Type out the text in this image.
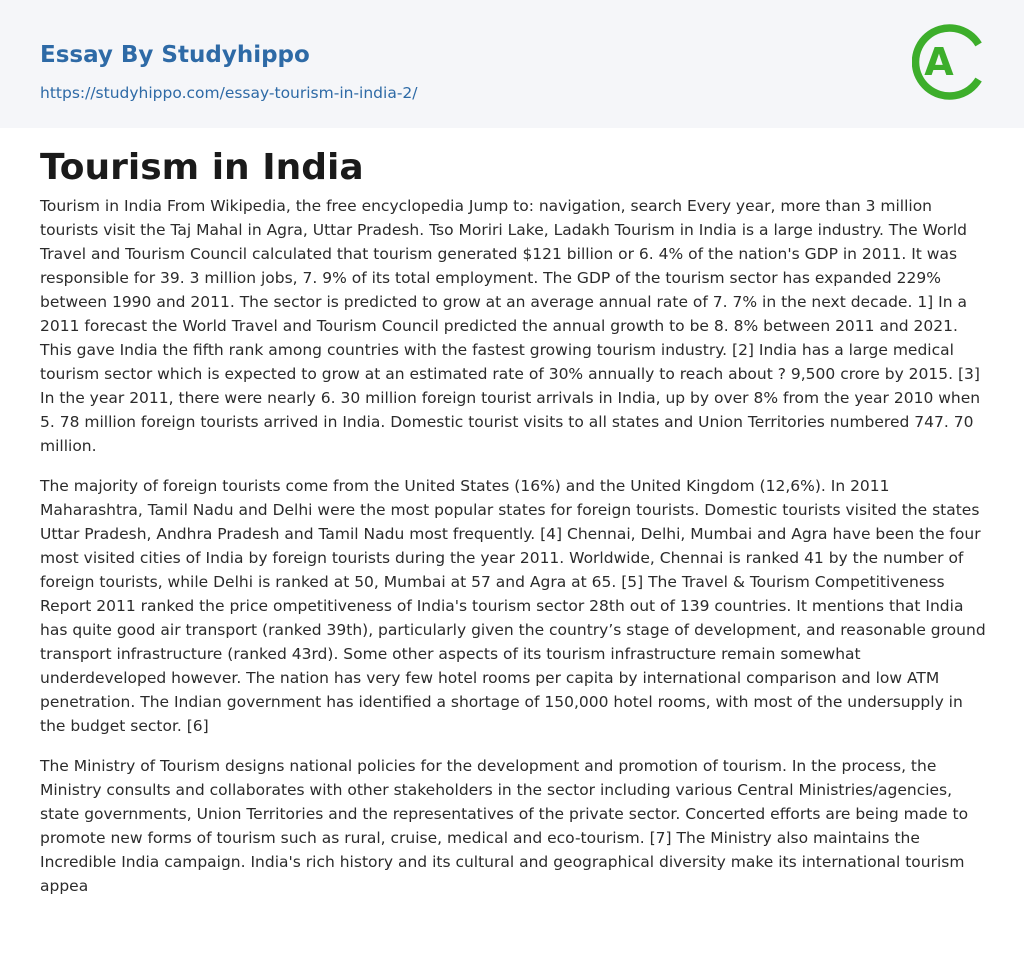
Essay By Studyhippo
https://studyhippo.com/essay-tourism-in-india-2/
A
Tourism in India

Tourism in India From Wikipedia, the free encyclopedia Jump to: navigation, search Every year, more than 3 million tourists visit the Taj Mahal in Agra, Uttar Pradesh. Tso Moriri Lake, Ladakh Tourism in India is a large industry. The World Travel and Tourism Council calculated that tourism generated $121 billion or 6. 4% of the nation's GDP in 2011. It was responsible for 39. 3 million jobs, 7. 9% of its total employment. The GDP of the tourism sector has expanded 229% between 1990 and 2011. The sector is predicted to grow at an average annual rate of 7. 7% in the next decade. 1] In a 2011 forecast the World Travel and Tourism Council predicted the annual growth to be 8. 8% between 2011 and 2021. This gave India the fifth rank among countries with the fastest growing tourism industry. [2] India has a large medical tourism sector which is expected to grow at an estimated rate of 30% annually to reach about ? 9,500 crore by 2015. [3] In the year 2011, there were nearly 6. 30 million foreign tourist arrivals in India, up by over 8% from the year 2010 when 5. 78 million foreign tourists arrived in India. Domestic tourist visits to all states and Union Territories numbered 747. 70 million.

The majority of foreign tourists come from the United States (16%) and the United Kingdom (12,6%). In 2011 Maharashtra, Tamil Nadu and Delhi were the most popular states for foreign tourists. Domestic tourists visited the states Uttar Pradesh, Andhra Pradesh and Tamil Nadu most frequently. [4] Chennai, Delhi, Mumbai and Agra have been the four most visited cities of India by foreign tourists during the year 2011. Worldwide, Chennai is ranked 41 by the number of foreign tourists, while Delhi is ranked at 50, Mumbai at 57 and Agra at 65. [5] The Travel & Tourism Competitiveness Report 2011 ranked the price ompetitiveness of India's tourism sector 28th out of 139 countries. It mentions that India has quite good air transport (ranked 39th), particularly given the country’s stage of development, and reasonable ground transport infrastructure (ranked 43rd). Some other aspects of its tourism infrastructure remain somewhat underdeveloped however. The nation has very few hotel rooms per capita by international comparison and low ATM penetration. The Indian government has identified a shortage of 150,000 hotel rooms, with most of the undersupply in the budget sector. [6]

The Ministry of Tourism designs national policies for the development and promotion of tourism. In the process, the Ministry consults and collaborates with other stakeholders in the sector including various Central Ministries/agencies, state governments, Union Territories and the representatives of the private sector. Concerted efforts are being made to promote new forms of tourism such as rural, cruise, medical and eco-tourism. [7] The Ministry also maintains the Incredible India campaign. India's rich history and its cultural and geographical diversity make its international tourism appea
